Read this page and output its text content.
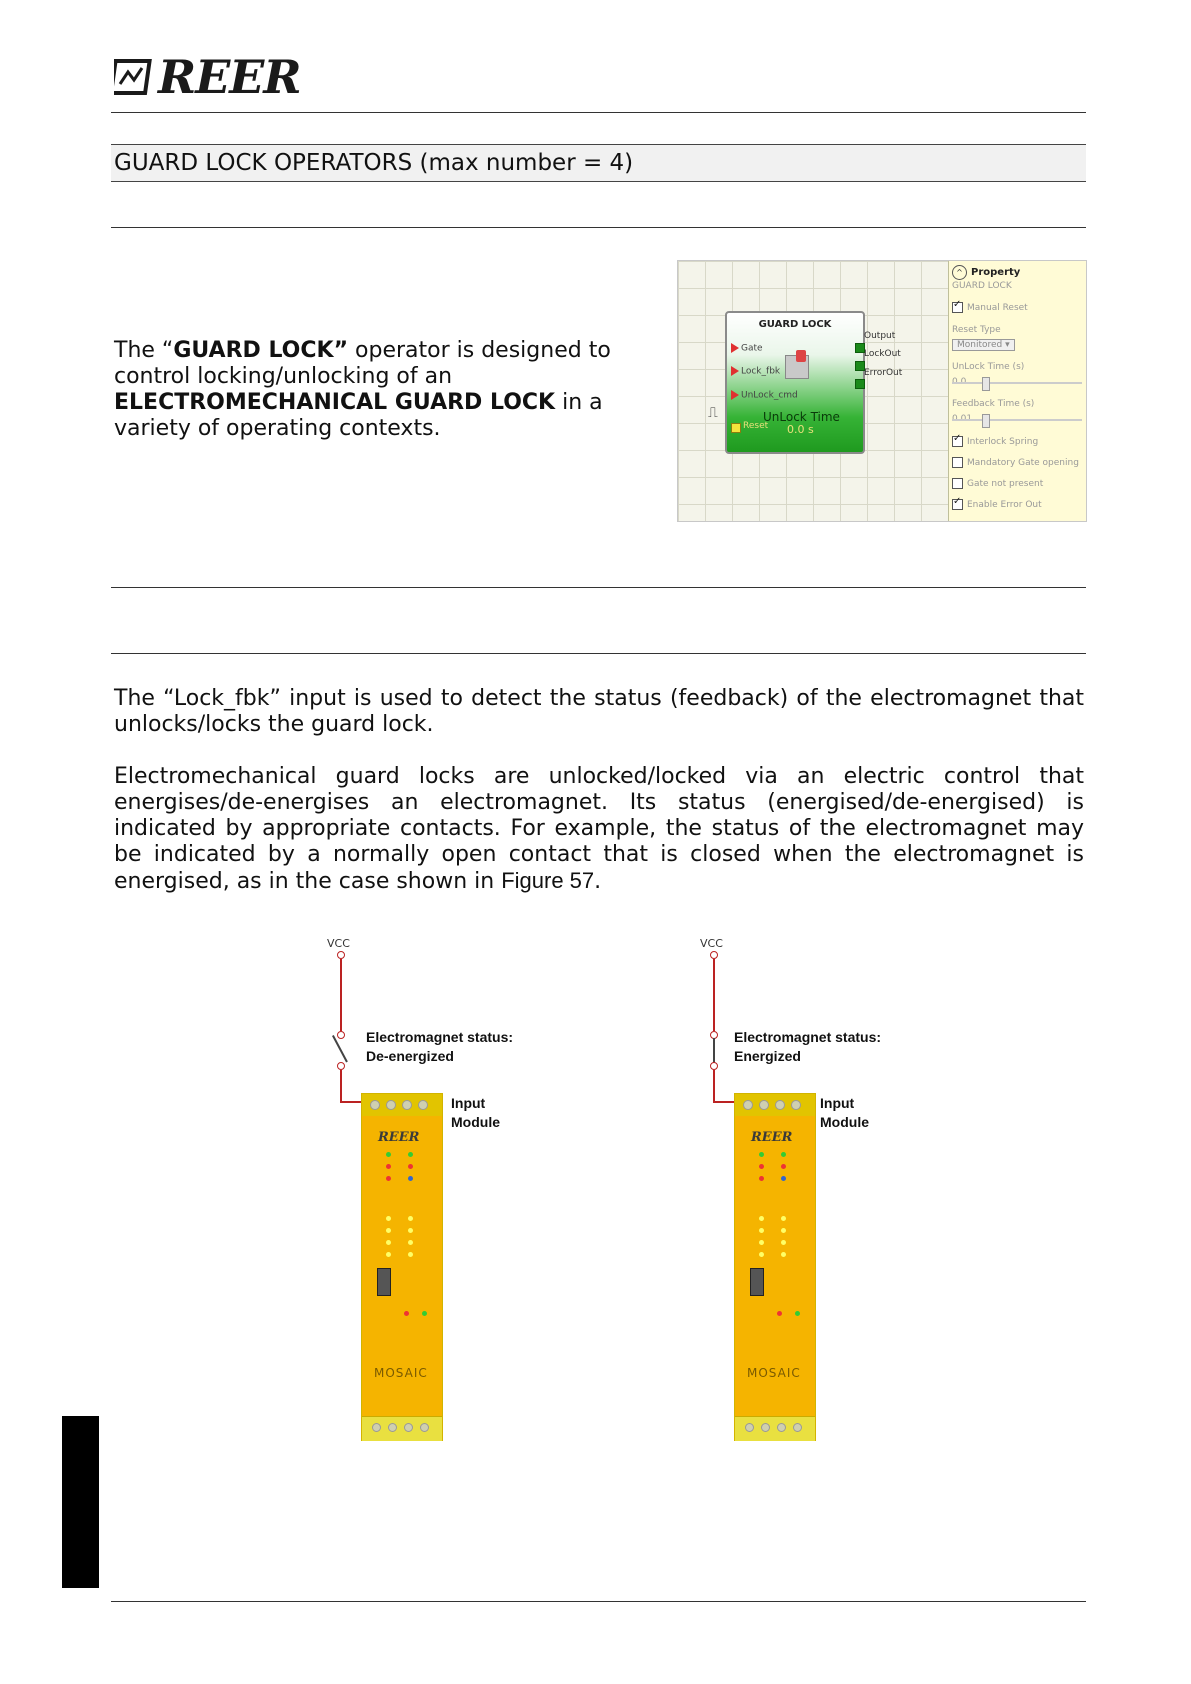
REER
GUARD LOCK OPERATORS (max number = 4)
The “GUARD LOCK” operator is designed to control locking/unlocking of an ELECTROMECHANICAL GUARD LOCK in a variety of operating contexts.
GUARD LOCK
Gate
Lock_fbk
UnLock_cmd
Reset
UnLock Time
0.0 s
Output
LockOut
ErrorOut
⎍
^ Property
GUARD LOCK
✓Manual Reset
Reset Type
Monitored ▾
UnLock Time (s)
Feedback Time (s)
✓Interlock Spring
Mandatory Gate opening
Gate not present
✓Enable Error Out
The “Lock_fbk” input is used to detect the status (feedback) of the electromagnet that unlocks/locks the guard lock.
Electromechanical guard locks are unlocked/locked via an electric control that energises/de-energises an electromagnet. Its status (energised/de-energised) is indicated by appropriate contacts. For example, the status of the electromagnet may be indicated by a normally open contact that is closed when the electromagnet is energised, as in the case shown in Figure 57.
VCC
Electromagnet status:
De-energized
Input
Module
REER
MOSAIC
VCC
Electromagnet status:
Energized
Input
Module
REER
MOSAIC
